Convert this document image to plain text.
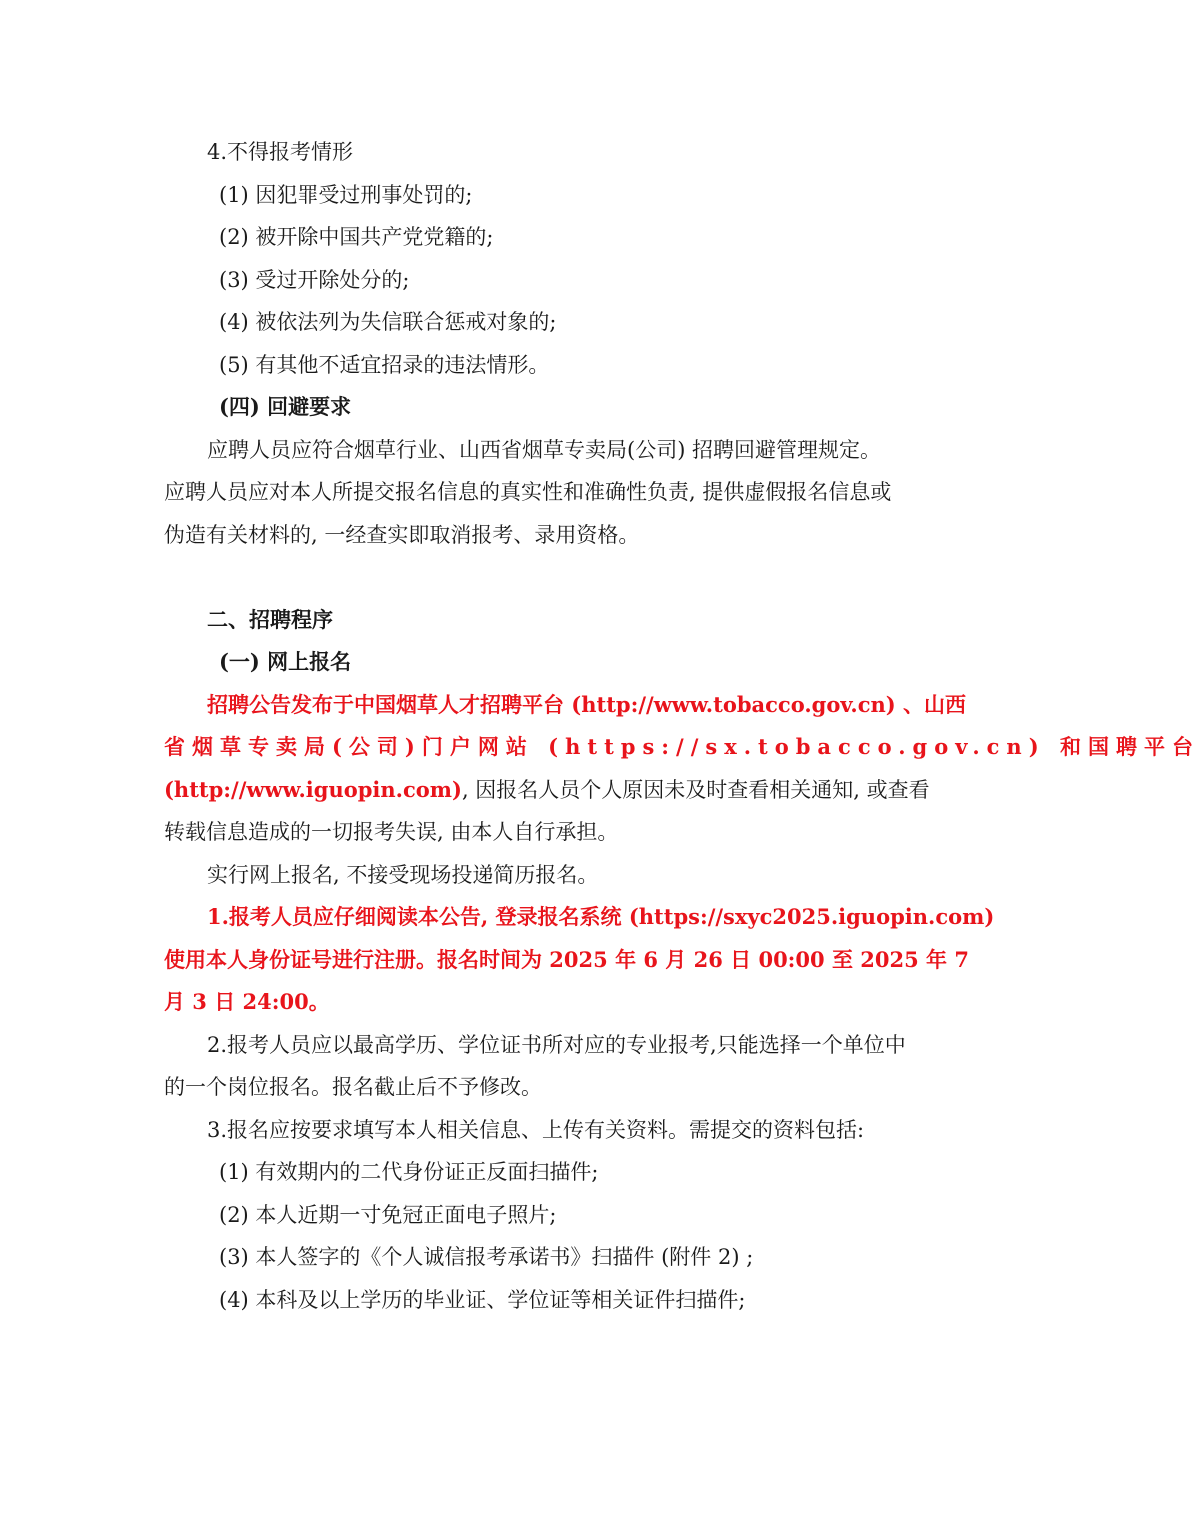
4.不得报考情形
(1) 因犯罪受过刑事处罚的;
(2) 被开除中国共产党党籍的;
(3) 受过开除处分的;
(4) 被依法列为失信联合惩戒对象的;
(5) 有其他不适宜招录的违法情形。
(四) 回避要求
应聘人员应符合烟草行业、山西省烟草专卖局(公司) 招聘回避管理规定。
应聘人员应对本人所提交报名信息的真实性和准确性负责, 提供虚假报名信息或
伪造有关材料的, 一经查实即取消报考、录用资格。
二、招聘程序
(一) 网上报名
招聘公告发布于中国烟草人才招聘平台 (http://www.tobacco.gov.cn) 、山西
省烟草专卖局(公司)门户网站 (https://sx.tobacco.gov.cn) 和国聘平台
(http://www.iguopin.com), 因报名人员个人原因未及时查看相关通知, 或查看
转载信息造成的一切报考失误, 由本人自行承担。
实行网上报名, 不接受现场投递简历报名。
1.报考人员应仔细阅读本公告, 登录报名系统 (https://sxyc2025.iguopin.com)
使用本人身份证号进行注册。报名时间为 2025 年 6 月 26 日 00:00 至 2025 年 7
月 3 日 24:00。
2.报考人员应以最高学历、学位证书所对应的专业报考,只能选择一个单位中
的一个岗位报名。报名截止后不予修改。
3.报名应按要求填写本人相关信息、上传有关资料。需提交的资料包括:
(1) 有效期内的二代身份证正反面扫描件;
(2) 本人近期一寸免冠正面电子照片;
(3) 本人签字的《个人诚信报考承诺书》扫描件 (附件 2) ;
(4) 本科及以上学历的毕业证、学位证等相关证件扫描件;
